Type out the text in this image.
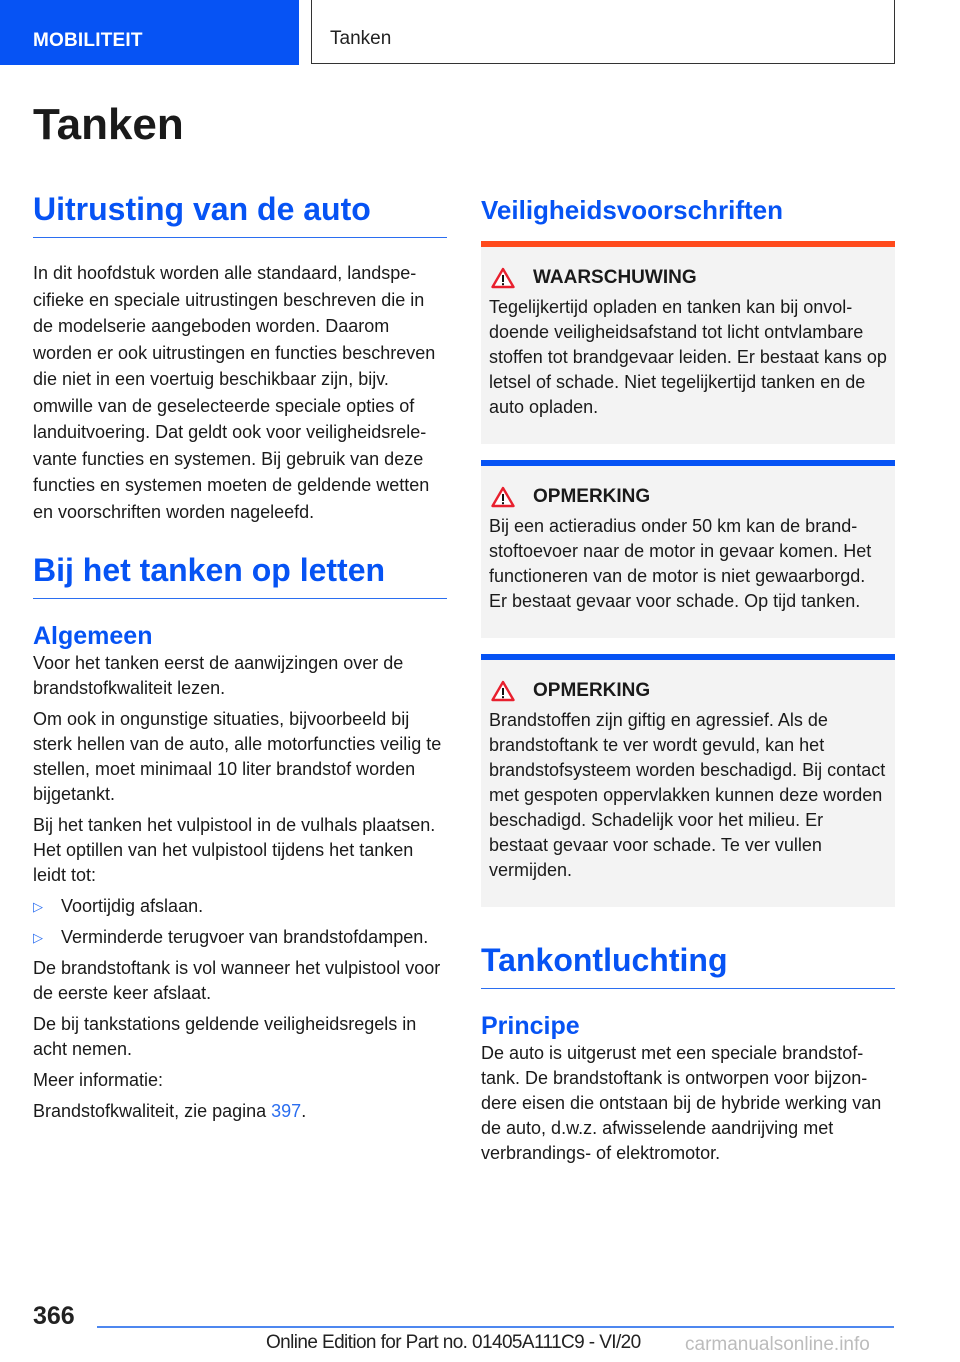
MOBILITEIT	Tanken
Tanken
Uitrusting van de auto

In dit hoofdstuk worden alle standaard, landspecifieke en speciale uitrustingen beschreven die in de modelserie aangeboden worden. Daarom worden er ook uitrustingen en functies beschreven die niet in een voertuig beschikbaar zijn, bijv. omwille van de geselecteerde speciale opties of landuitvoering. Dat geldt ook voor veiligheidsrelevante functies en systemen. Bij gebruik van deze functies en systemen moeten de geldende wetten en voorschriften worden nageleefd.

Bij het tanken op letten
Algemeen

Voor het tanken eerst de aanwijzingen over de brandstofkwaliteit lezen.

Om ook in ongunstige situaties, bijvoorbeeld bij sterk hellen van de auto, alle motorfuncties veilig te stellen, moet minimaal 10 liter brandstof worden bijgetankt.

Bij het tanken het vulpistool in de vulhals plaatsen. Het optillen van het vulpistool tijdens het tanken leidt tot:

▷	Voortijdig afslaan.
▷	Verminderde terugvoer van brandstofdampen.

De brandstoftank is vol wanneer het vulpistool voor de eerste keer afslaat.

De bij tankstations geldende veiligheidsregels in acht nemen.

Meer informatie:

Brandstofkwaliteit, zie pagina 397.

Veiligheidsvoorschriften
WAARSCHUWING

Tegelijkertijd opladen en tanken kan bij onvoldoende veiligheidsafstand tot licht ontvlambare stoffen tot brandgevaar leiden. Er bestaat kans op letsel of schade. Niet tegelijkertijd tanken en de auto opladen.

OPMERKING

Bij een actieradius onder 50 km kan de brandstoftoevoer naar de motor in gevaar komen. Het functioneren van de motor is niet gewaarborgd. Er bestaat gevaar voor schade. Op tijd tanken.

OPMERKING

Brandstoffen zijn giftig en agressief. Als de brandstoftank te ver wordt gevuld, kan het brandstofsysteem worden beschadigd. Bij contact met gespoten oppervlakken kunnen deze worden beschadigd. Schadelijk voor het milieu. Er bestaat gevaar voor schade. Te ver vullen vermijden.

Tankontluchting
Principe

De auto is uitgerust met een speciale brandstoftank. De brandstoftank is ontworpen voor bijzondere eisen die ontstaan bij de hybride werking van de auto, d.w.z. afwisselende aandrijving met verbrandings- of elektromotor.

366
Online Edition for Part no. 01405A111C9 - VI/20 carmanualsonline.info
